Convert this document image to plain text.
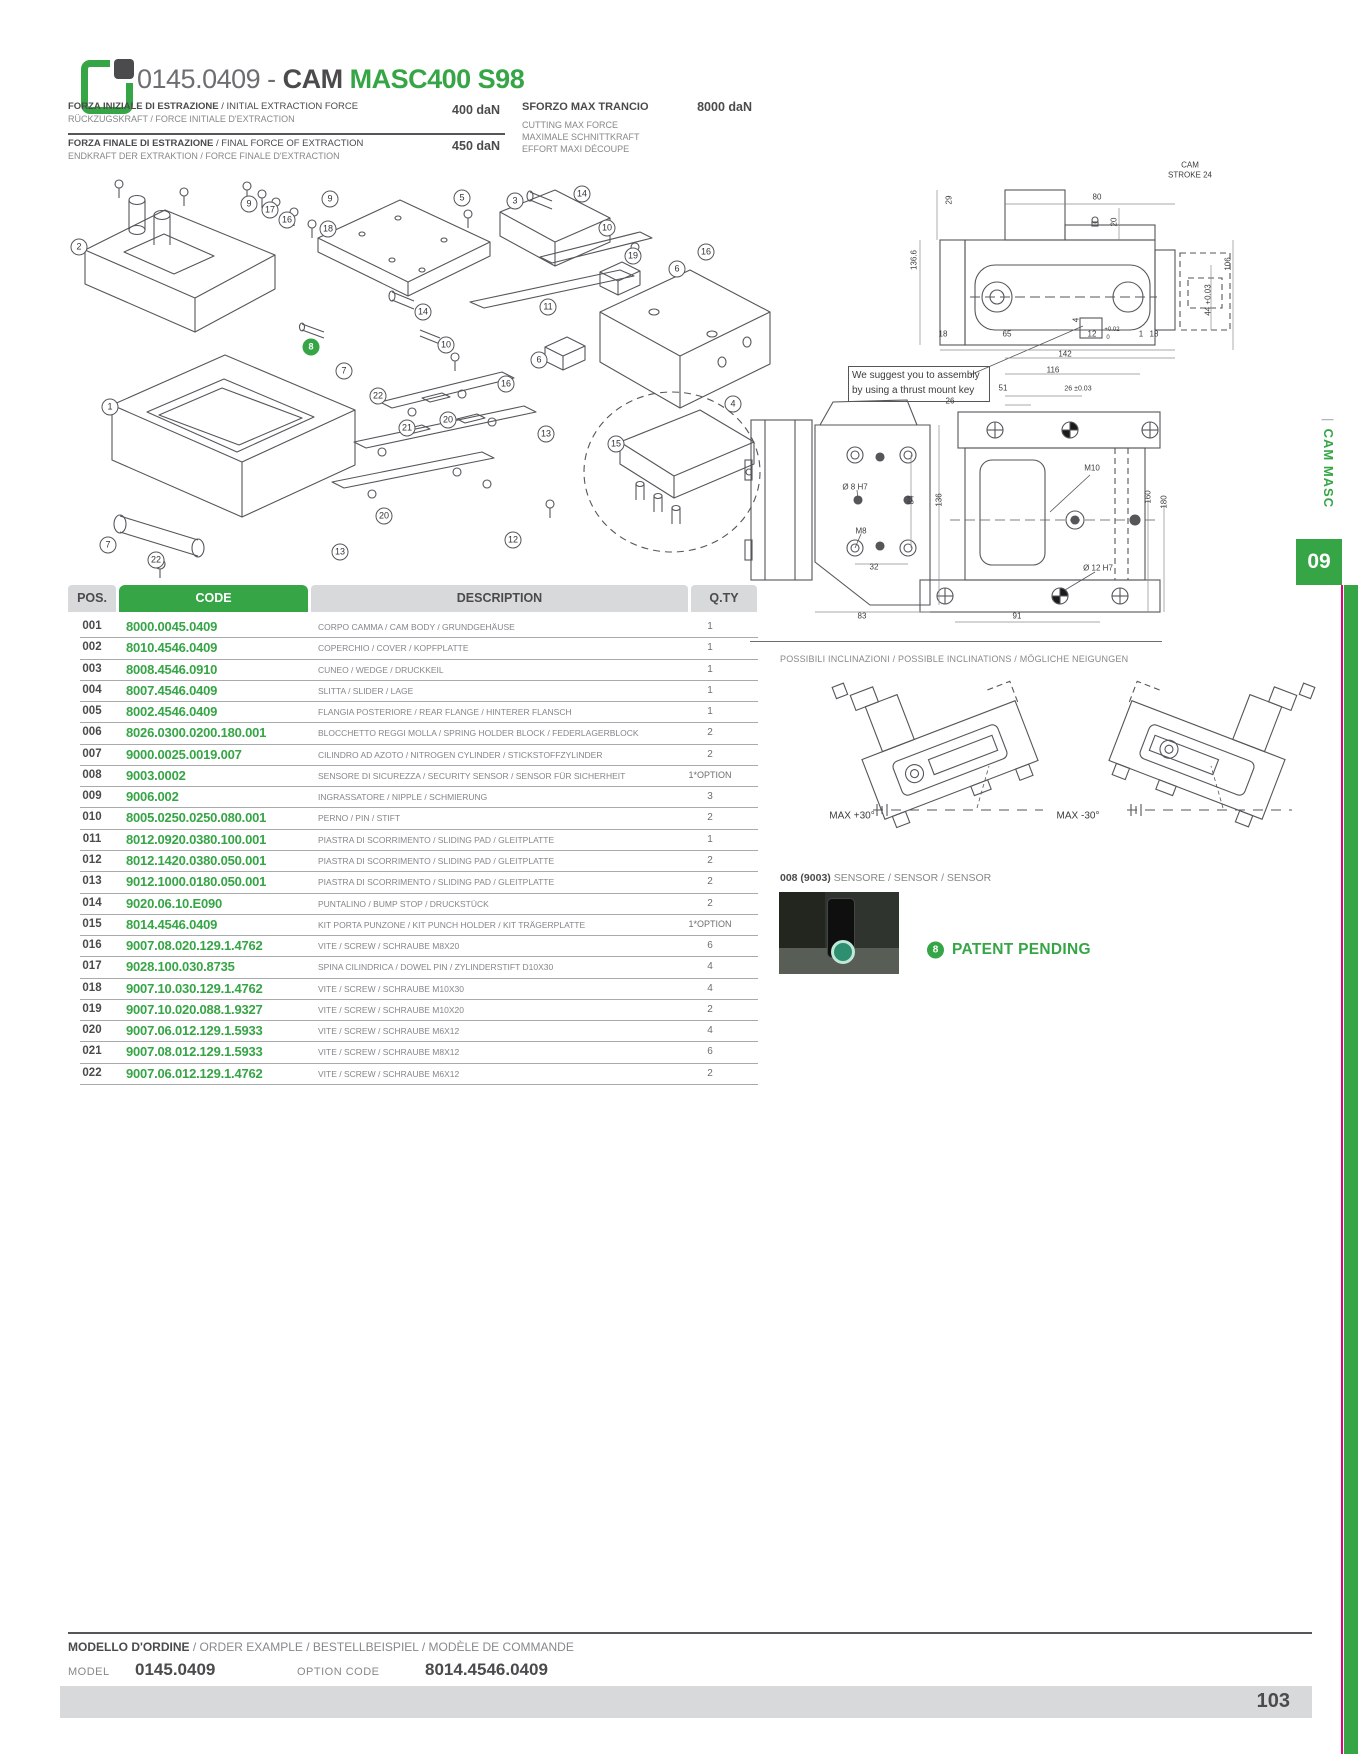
0145.0409 - CAM MASC400 S98
FORZA INIZIALE DI ESTRAZIONE / INITIAL EXTRACTION FORCE
RÜCKZUGSKRAFT / FORCE INITIALE D'EXTRACTION
400 daN
FORZA FINALE DI ESTRAZIONE / FINAL FORCE OF EXTRACTION
ENDKRAFT DER EXTRAKTION / FORCE FINALE D'EXTRACTION
450 daN
SFORZO MAX TRANCIO	8000 daN
CUTTING MAX FORCE
MAXIMALE SCHNITTKRAFT
EFFORT MAXI DÉCOUPE
2
9
17
16
9
18
5	3
14
10
19
6
16
11
14
10
8
7
22
6
16
21
20
13
15
4
1
7
22
20
13
12
We suggest you to assembly
by using a thrust mount key
29
136.6
80
20
CAM
STROKE 24
106
44 +0.03
18	65
4
12 +0.02
0	1 18
142
116
51	26 ±0.03
26
M10
Ø 8 H7
84 136
M8
32
83	91
Ø 12 H7
160 180
MAX +30°	MAX -30°
POS.	CODE	DESCRIPTION	Q.TY
001	8000.0045.0409	CORPO CAMMA / CAM BODY / GRUNDGEHÄUSE	1
002	8010.4546.0409	COPERCHIO / COVER / KOPFPLATTE	1
003	8008.4546.0910	CUNEO / WEDGE / DRUCKKEIL	1
004	8007.4546.0409	SLITTA / SLIDER / LAGE	1
005	8002.4546.0409	FLANGIA POSTERIORE / REAR FLANGE / HINTERER FLANSCH	1
006	8026.0300.0200.180.001	BLOCCHETTO REGGI MOLLA / SPRING HOLDER BLOCK / FEDERLAGERBLOCK	2
007	9000.0025.0019.007	CILINDRO AD AZOTO / NITROGEN CYLINDER / STICKSTOFFZYLINDER	2
008	9003.0002	SENSORE DI SICUREZZA / SECURITY SENSOR / SENSOR FÜR SICHERHEIT	1*OPTION
009	9006.002	INGRASSATORE / NIPPLE / SCHMIERUNG	3
010	8005.0250.0250.080.001	PERNO / PIN / STIFT	2
011	8012.0920.0380.100.001	PIASTRA DI SCORRIMENTO / SLIDING PAD / GLEITPLATTE	1
012	8012.1420.0380.050.001	PIASTRA DI SCORRIMENTO / SLIDING PAD / GLEITPLATTE	2
013	9012.1000.0180.050.001	PIASTRA DI SCORRIMENTO / SLIDING PAD / GLEITPLATTE	2
014	9020.06.10.E090	PUNTALINO / BUMP STOP / DRUCKSTÜCK	2
015	8014.4546.0409	KIT PORTA PUNZONE / KIT PUNCH HOLDER / KIT TRÄGERPLATTE	1*OPTION
016	9007.08.020.129.1.4762	VITE / SCREW / SCHRAUBE M8X20	6
017	9028.100.030.8735	SPINA CILINDRICA / DOWEL PIN / ZYLINDERSTIFT D10X30	4
018	9007.10.030.129.1.4762	VITE / SCREW / SCHRAUBE M10X30	4
019	9007.10.020.088.1.9327	VITE / SCREW / SCHRAUBE M10X20	2
020	9007.06.012.129.1.5933	VITE / SCREW / SCHRAUBE M6X12	4
021	9007.08.012.129.1.5933	VITE / SCREW / SCHRAUBE M8X12	6
022	9007.06.012.129.1.4762	VITE / SCREW / SCHRAUBE M6X12	2
POSSIBILI INCLINAZIONI / POSSIBLE INCLINATIONS / MÖGLICHE NEIGUNGEN
008 (9003) SENSORE / SENSOR / SENSOR
8 PATENT PENDING
MODELLO D'ORDINE / ORDER EXAMPLE / BESTELLBEISPIEL / MODÈLE DE COMMANDE
MODEL 0145.0409	OPTION CODE	8014.4546.0409
103
|  CAM MASC
09
